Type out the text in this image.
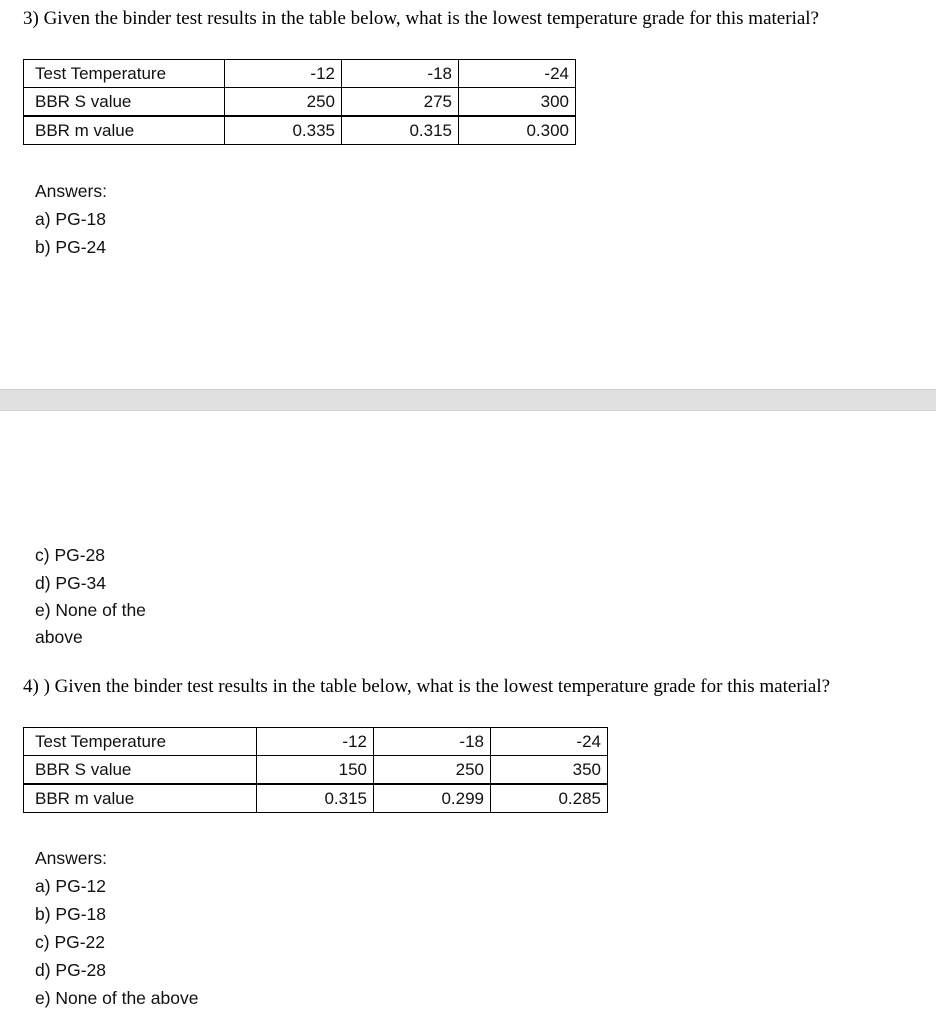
3) Given the binder test results in the table below, what is the lowest temperature grade for this material?

Test Temperature	-12	-18	-24
BBR S value	250	275	300
BBR m value	0.335	0.315	0.300
Answers:
a) PG-18
b) PG-24
c) PG-28
d) PG-34
e) None of the above

4) ) Given the binder test results in the table below, what is the lowest temperature grade for this material?

Test Temperature	-12	-18	-24
BBR S value	150	250	350
BBR m value	0.315	0.299	0.285
Answers:
a) PG-12
b) PG-18
c) PG-22
d) PG-28
e) None of the above
